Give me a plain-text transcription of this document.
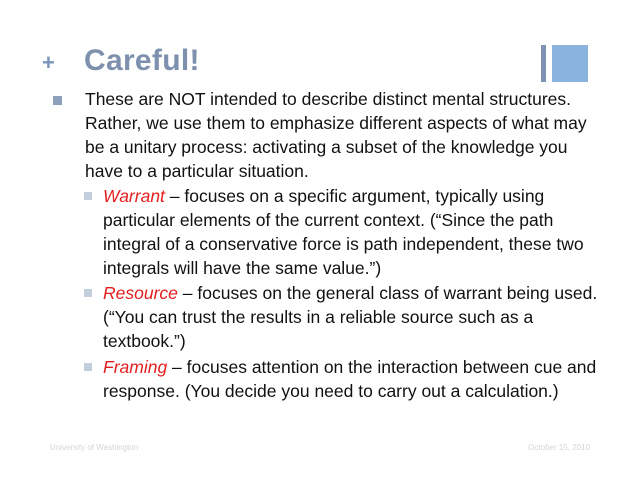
+ Careful!
These are NOT intended to describe distinct mental structures. Rather, we use them to emphasize different aspects of what may be a unitary process: activating a subset of the knowledge you have to a particular situation.
Warrant – focuses on a specific argument, typically using particular elements of the current context. (“Since the path integral of a conservative force is path independent, these two integrals will have the same value.”)
Resource – focuses on the general class of warrant being used. (“You can trust the results in a reliable source such as a textbook.”)
Framing – focuses attention on the interaction between cue and response. (You decide you need to carry out a calculation.)
University of Washington	October 15, 2010
